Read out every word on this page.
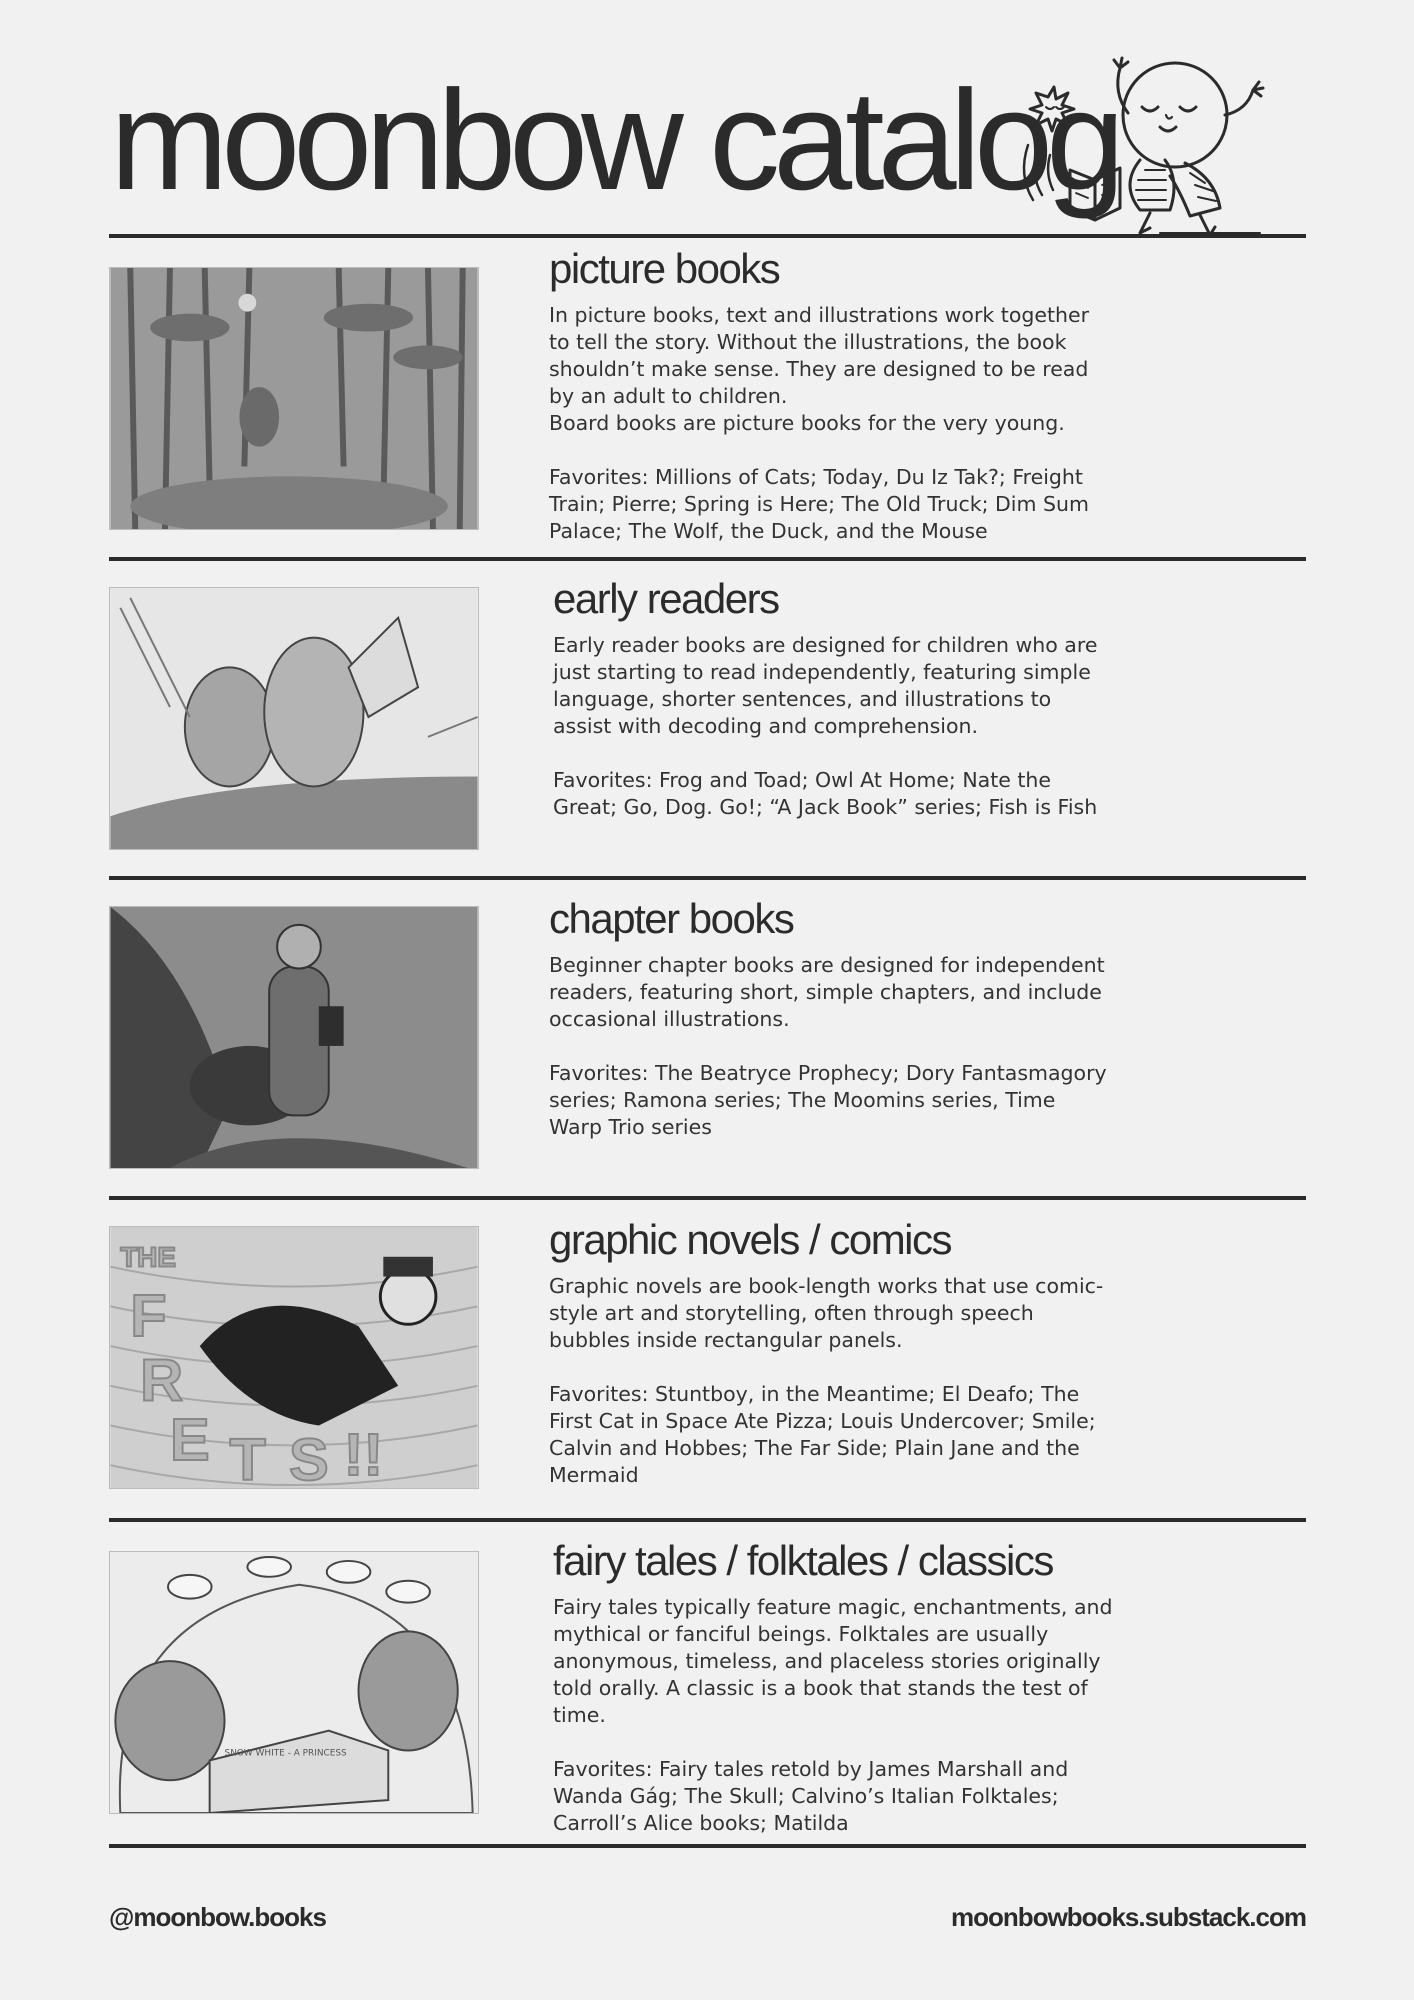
moonbow catalog
picture books

In picture books, text and illustrations work together to tell the story. Without the illustrations, the book shouldn’t make sense. They are designed to be read by an adult to children.
Board books are picture books for the very young.

Favorites: Millions of Cats; Today, Du Iz Tak?; Freight Train; Pierre; Spring is Here; The Old Truck; Dim Sum Palace; The Wolf, the Duck, and the Mouse

early readers

Early reader books are designed for children who are just starting to read independently, featuring simple language, shorter sentences, and illustrations to assist with decoding and comprehension.

Favorites: Frog and Toad; Owl At Home; Nate the Great; Go, Dog. Go!; “A Jack Book” series; Fish is Fish

chapter books

Beginner chapter books are designed for independent readers, featuring short, simple chapters, and include occasional illustrations.

Favorites: The Beatryce Prophecy; Dory Fantasmagory series; Ramona series; The Moomins series, Time Warp Trio series

THE
F
R
E T S !!
graphic novels / comics

Graphic novels are book-length works that use comic-style art and storytelling, often through speech bubbles inside rectangular panels.

Favorites: Stuntboy, in the Meantime; El Deafo; The First Cat in Space Ate Pizza; Louis Undercover; Smile; Calvin and Hobbes; The Far Side; Plain Jane and the Mermaid

SNOW WHITE - A PRINCESS
fairy tales / folktales / classics

Fairy tales typically feature magic, enchantments, and mythical or fanciful beings. Folktales are usually anonymous, timeless, and placeless stories originally told orally. A classic is a book that stands the test of time.

Favorites: Fairy tales retold by James Marshall and Wanda Gág; The Skull; Calvino’s Italian Folktales; Carroll’s Alice books; Matilda

@moonbow.books	moonbowbooks.substack.com
